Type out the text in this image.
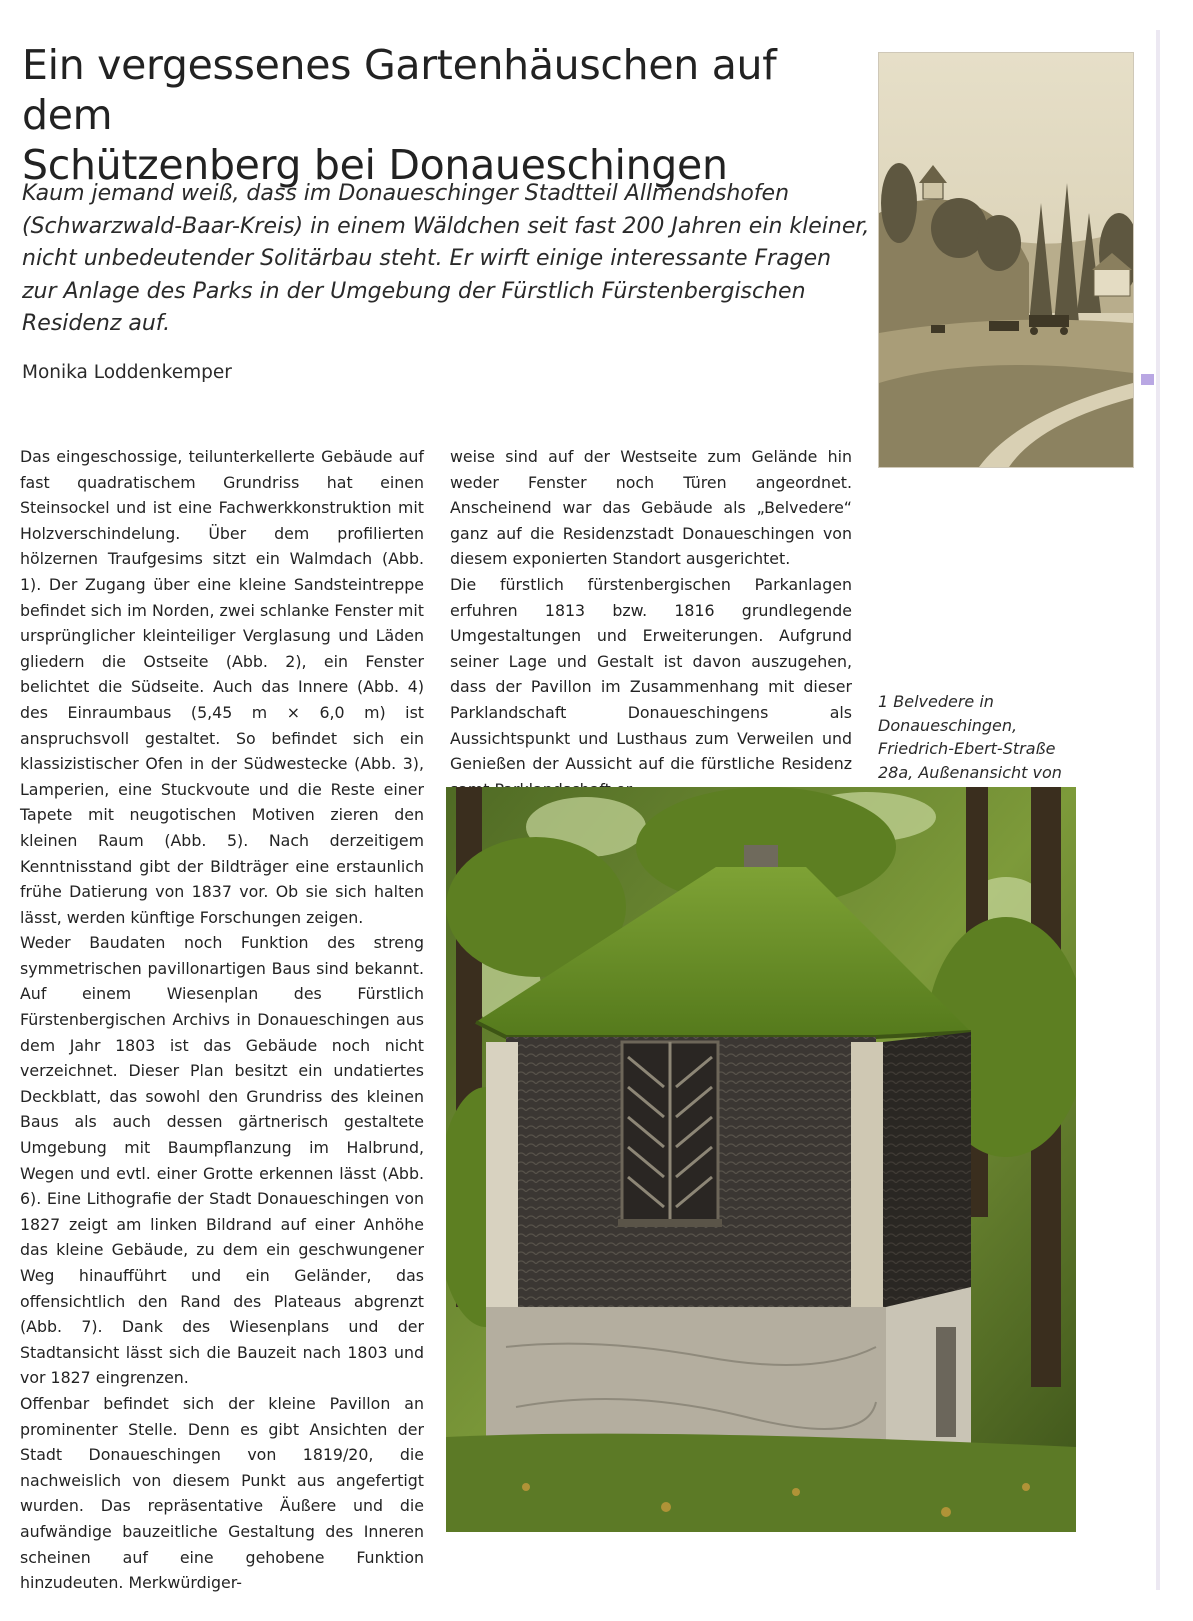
Ein vergessenes Gartenhäuschen auf dem
Schützenberg bei Donaueschingen

Kaum jemand weiß, dass im Donaueschinger Stadtteil Allmendshofen (Schwarzwald-Baar-Kreis) in einem Wäldchen seit fast 200 Jahren ein kleiner, nicht unbedeutender Solitärbau steht. Er wirft einige interessante Fragen zur Anlage des Parks in der Umgebung der Fürstlich Fürstenbergischen Residenz auf.

Monika Loddenkemper

Das eingeschossige, teilunterkellerte Gebäude auf fast quadratischem Grundriss hat einen Steinsockel und ist eine Fachwerkkonstruktion mit Holzverschindelung. Über dem profilierten hölzernen Traufgesims sitzt ein Walmdach (Abb. 1). Der Zugang über eine kleine Sandsteintreppe befindet sich im Norden, zwei schlanke Fenster mit ursprünglicher kleinteiliger Verglasung und Läden gliedern die Ostseite (Abb. 2), ein Fenster belichtet die Südseite. Auch das Innere (Abb. 4) des Einraumbaus (5,45 m × 6,0 m) ist anspruchsvoll gestaltet. So befindet sich ein klassizistischer Ofen in der Südwestecke (Abb. 3), Lamperien, eine Stuckvoute und die Reste einer Tapete mit neugotischen Motiven zieren den kleinen Raum (Abb. 5). Nach derzeitigem Kenntnisstand gibt der Bildträger eine erstaunlich frühe Datierung von 1837 vor. Ob sie sich halten lässt, werden künftige Forschungen zeigen.

Weder Baudaten noch Funktion des streng symmetrischen pavillonartigen Baus sind bekannt. Auf einem Wiesenplan des Fürstlich Fürstenbergischen Archivs in Donaueschingen aus dem Jahr 1803 ist das Gebäude noch nicht verzeichnet. Dieser Plan besitzt ein undatiertes Deckblatt, das sowohl den Grundriss des kleinen Baus als auch dessen gärtnerisch gestaltete Umgebung mit Baumpflanzung im Halbrund, Wegen und evtl. einer Grotte erkennen lässt (Abb. 6). Eine Lithografie der Stadt Donaueschingen von 1827 zeigt am linken Bildrand auf einer Anhöhe das kleine Gebäude, zu dem ein geschwungener Weg hinaufführt und ein Geländer, das offensichtlich den Rand des Plateaus abgrenzt (Abb. 7). Dank des Wiesenplans und der Stadtansicht lässt sich die Bauzeit nach 1803 und vor 1827 eingrenzen.

Offenbar befindet sich der kleine Pavillon an prominenter Stelle. Denn es gibt Ansichten der Stadt Donaueschingen von 1819/20, die nachweislich von diesem Punkt aus angefertigt wurden. Das repräsentative Äußere und die aufwändige bauzeitliche Gestaltung des Inneren scheinen auf eine gehobene Funktion hinzudeuten. Merkwürdiger-

weise sind auf der Westseite zum Gelände hin weder Fenster noch Türen angeordnet. Anscheinend war das Gebäude als „Belvedere“ ganz auf die Residenzstadt Donaueschingen von diesem exponierten Standort ausgerichtet.

Die fürstlich fürstenbergischen Parkanlagen erfuhren 1813 bzw. 1816 grundlegende Umgestaltungen und Erweiterungen. Aufgrund seiner Lage und Gestalt ist davon auszugehen, dass der Pavillon im Zusammenhang mit dieser Parklandschaft Donaueschingens als Aussichtspunkt und Lusthaus zum Verweilen und Genießen der Aussicht auf die fürstliche Residenz

1 Belvedere in Donaueschingen, Friedrich-Ebert-Straße 28a, Außenansicht von
